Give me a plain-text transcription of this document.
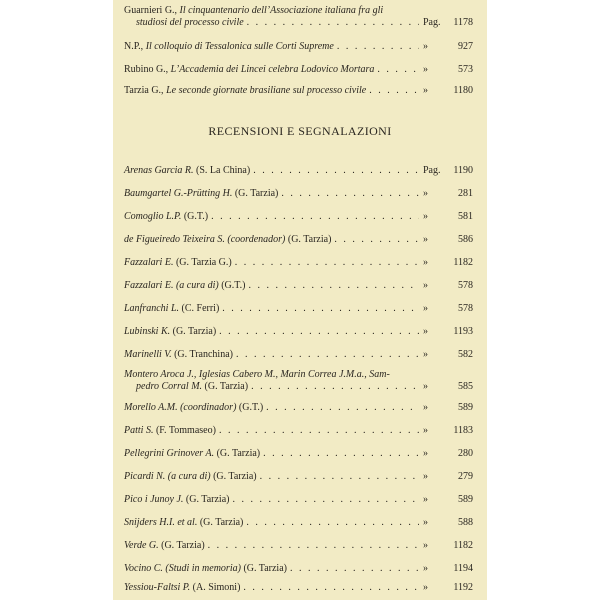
Guarnieri G., Il cinquantenario dell’Associazione italiana fra gli
studiosi del processo civile . . .	Pag.	1178
N.P., Il colloquio di Tessalonica sulle Corti Supreme . . .	»	927
Rubino G., L’Accademia dei Lincei celebra Lodovico Mortara . . .	»	573
Tarzia G., Le seconde giornate brasiliane sul processo civile . . .	»	1180
RECENSIONI E SEGNALAZIONI
Arenas Garcia R. (S. La China) . . .	Pag.	1190
Baumgartel G.-Prütting H. (G. Tarzia) . . .	»	281
Comoglio L.P. (G.T.) . . .	»	581
de Figueiredo Teixeira S. (coordenador) (G. Tarzia) . . .	»	586
Fazzalari E. (G. Tarzia G.) . . .	»	1182
Fazzalari E. (a cura di) (G.T.) . . .	»	578
Lanfranchi L. (C. Ferri) . . .	»	578
Lubinski K. (G. Tarzia) . . .	»	1193
Marinelli V. (G. Tranchina) . . .	»	582
Montero Aroca J., Iglesias Cabero M., Marin Correa J.M.a., Sam-
pedro Corral M. (G. Tarzia) . . .	»	585
Morello A.M. (coordinador) (G.T.) . . .	»	589
Patti S. (F. Tommaseo) . . .	»	1183
Pellegrini Grinover A. (G. Tarzia) . . .	»	280
Picardi N. (a cura di) (G. Tarzia) . . .	»	279
Pico i Junoy J. (G. Tarzia) . . .	»	589
Snijders H.I. et al. (G. Tarzia) . . .	»	588
Verde G. (G. Tarzia) . . .	»	1182
Vocino C. (Studi in memoria) (G. Tarzia) . . .	»	1194
Yessiou-Faltsi P. (A. Simoni) . . .	»	1192
